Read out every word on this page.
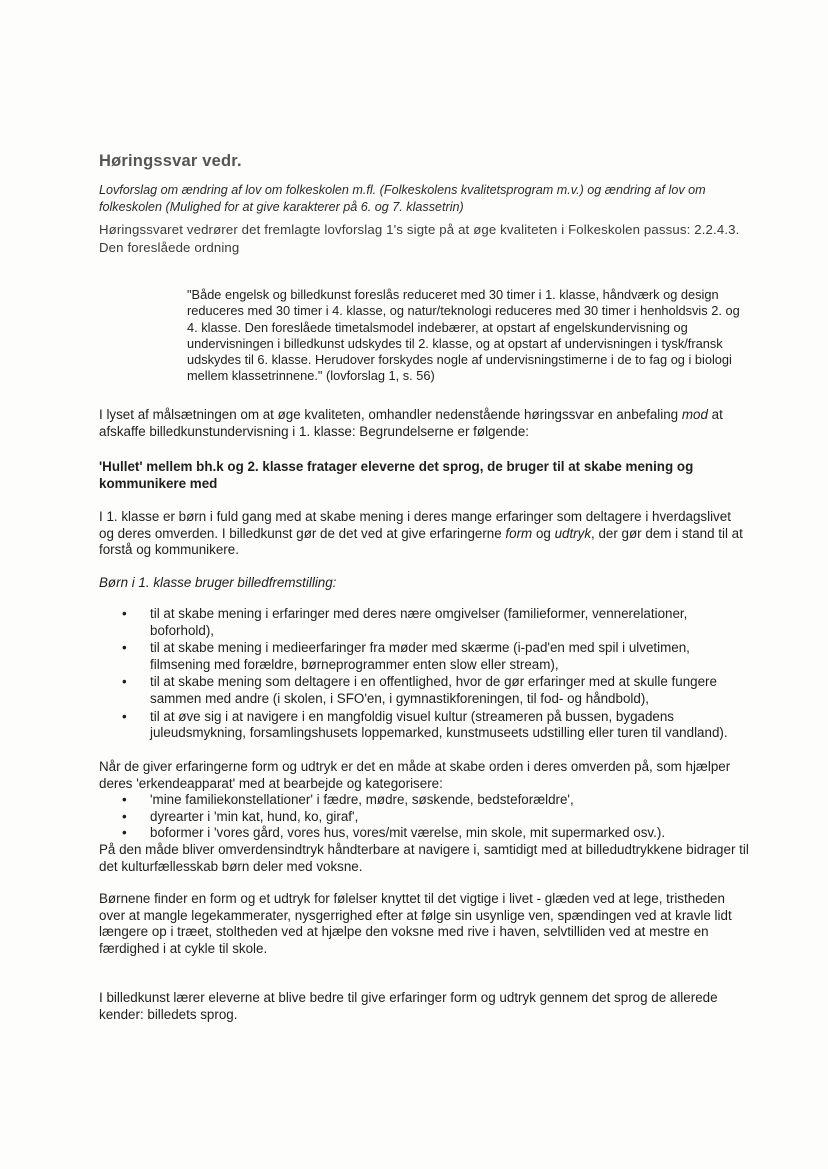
Høringssvar vedr.

Lovforslag om ændring af lov om folkeskolen m.fl. (Folkeskolens kvalitetsprogram m.v.) og ændring af lov om folkeskolen (Mulighed for at give karakterer på 6. og 7. klassetrin)

Høringssvaret vedrører det fremlagte lovforslag 1's sigte på at øge kvaliteten i Folkeskolen passus: 2.2.4.3. Den foreslåede ordning

"Både engelsk og billedkunst foreslås reduceret med 30 timer i 1. klasse, håndværk og design reduceres med 30 timer i 4. klasse, og natur/teknologi reduceres med 30 timer i henholdsvis 2. og 4. klasse. Den foreslåede timetalsmodel indebærer, at opstart af engelskundervisning og undervisningen i billedkunst udskydes til 2. klasse, og at opstart af undervisningen i tysk/fransk udskydes til 6. klasse. Herudover forskydes nogle af undervisningstimerne i de to fag og i biologi mellem klassetrinnene." (lovforslag 1, s. 56)

I lyset af målsætningen om at øge kvaliteten, omhandler nedenstående høringssvar en anbefaling mod at afskaffe billedkunstundervisning i 1. klasse: Begrundelserne er følgende:

'Hullet' mellem bh.k og 2. klasse fratager eleverne det sprog, de bruger til at skabe mening og kommunikere med

I 1. klasse er børn i fuld gang med at skabe mening i deres mange erfaringer som deltagere i hverdagslivet og deres omverden. I billedkunst gør de det ved at give erfaringerne form og udtryk, der gør dem i stand til at forstå og kommunikere.

Børn i 1. klasse bruger billedfremstilling:

• til at skabe mening i erfaringer med deres nære omgivelser (familieformer, vennerelationer, boforhold),
• til at skabe mening i medieerfaringer fra møder med skærme (i-pad'en med spil i ulvetimen, filmsening med forældre, børneprogrammer enten slow eller stream),
• til at skabe mening som deltagere i en offentlighed, hvor de gør erfaringer med at skulle fungere sammen med andre (i skolen, i SFO'en, i gymnastikforeningen, til fod- og håndbold),
• til at øve sig i at navigere i en mangfoldig visuel kultur (streameren på bussen, bygadens juleudsmykning, forsamlingshusets loppemarked, kunstmuseets udstilling eller turen til vandland).

Når de giver erfaringerne form og udtryk er det en måde at skabe orden i deres omverden på, som hjælper deres 'erkendeapparat' med at bearbejde og kategorisere:

• 'mine familiekonstellationer' i fædre, mødre, søskende, bedsteforældre',
• dyrearter i 'min kat, hund, ko, giraf',
• boformer i 'vores gård, vores hus, vores/mit værelse, min skole, mit supermarked osv.).

På den måde bliver omverdensindtryk håndterbare at navigere i, samtidigt med at billedudtrykkene bidrager til det kulturfællesskab børn deler med voksne.

Børnene finder en form og et udtryk for følelser knyttet til det vigtige i livet - glæden ved at lege, tristheden over at mangle legekammerater, nysgerrighed efter at følge sin usynlige ven, spændingen ved at kravle lidt længere op i træet, stoltheden ved at hjælpe den voksne med rive i haven, selvtilliden ved at mestre en færdighed i at cykle til skole.

I billedkunst lærer eleverne at blive bedre til give erfaringer form og udtryk gennem det sprog de allerede kender: billedets sprog.
